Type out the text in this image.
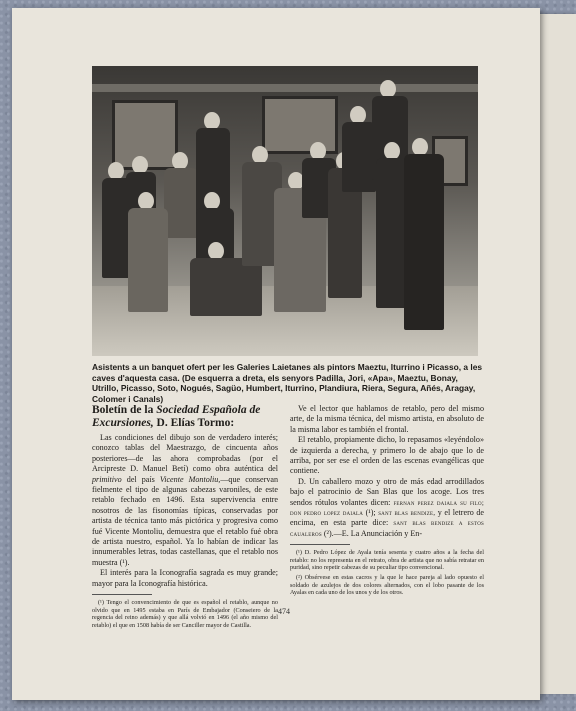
Asistents a un banquet ofert per les Galeries Laietanes als pintors Maeztu, Iturrino i Picasso, a les caves d'aquesta casa. (De esquerra a dreta, els senyors Padilla, Jori, «Apa», Maeztu, Bonay, Utrillo, Picasso, Soto, Nogués, Sagüo, Humbert, Iturrino, Plandiura, Riera, Segura, Añés, Aragay, Colomer i Canals)

Boletín de la Sociedad Española de Excursiones, D. Elías Tormo:

Las condiciones del dibujo son de verdadero interés; conozco tablas del Maestrazgo, de cincuenta años posteriores—de las ahora comprobadas (por el Arcipreste D. Manuel Betí) como obra auténtica del primitivo del país Vicente Montoliu,—que conservan fielmente el tipo de algunas cabezas varoniles, de este retablo fechado en 1496. Esta supervivencia entre nosotros de las fisonomías típicas, conservadas por artista de técnica tanto más pictórica y progresiva como fué Vicente Montoliu, demuestra que el retablo fué obra de artista nuestro, español. Ya lo habían de indicar las innumerables letras, todas castellanas, que el retablo nos muestra (¹).

El interés para la Iconografía sagrada es muy grande; mayor para la Iconografía histórica.

(¹) Tengo el convencimiento de que es español el retablo, aunque no olvido que en 1495 estaba en París de Embajador (Conseiero de la regencia del reino además) y que allá volvió en 1496 (el año mismo del retablo) el que en 1508 había de ser Canciller mayor de Castilla.

Ve el lector que hablamos de retablo, pero del mismo arte, de la misma técnica, del mismo artista, en absoluto de la misma labor es también el frontal.

El retablo, propiamente dicho, lo repasamos «leyéndolo» de izquierda a derecha, y primero lo de abajo que lo de arriba, por ser ese el orden de las escenas evangélicas que contiene.

D. Un caballero mozo y otro de más edad arrodillados bajo el patrocinio de San Blas que los acoge. Los tres sendos rótulos volantes dicen: fernan perez daiala su filo; don pedro lopez daiala (¹); sant blas bendize, y el letrero de encima, en esta parte dice: sant blas bendize a estos caualeros (²).—E. La Anunciación y En-

(¹) D. Pedro López de Ayala tenía sesenta y cuatro años a la fecha del retablo: no los representa en el retrato, obra de artista que no sabía retratar en puridad, sino repetir cabezas de su peculiar tipo convencional.

(²) Obsérvese en estas cacros y la que le hace pareja al lado opuesto el soldado de azulejos de dos colores alternados, con el lobo pasante de los Ayalas en cada uno de los unos y de los otros.

474
